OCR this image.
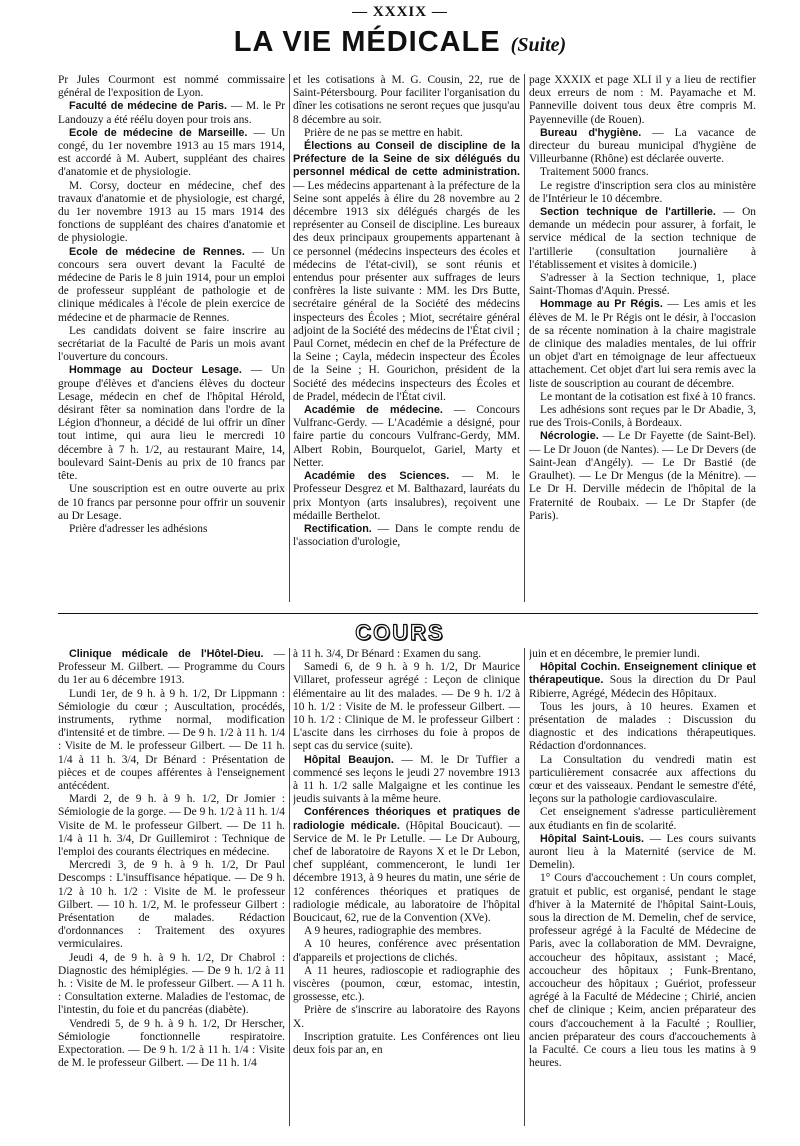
— XXXIX —
LA VIE MÉDICALE (Suite)

Pr Jules Courmont est nommé commissaire général de l'exposition de Lyon.

Faculté de médecine de Paris. — M. le Pr Landouzy a été réélu doyen pour trois ans.

Ecole de médecine de Marseille. — Un congé, du 1er novembre 1913 au 15 mars 1914, est accordé à M. Aubert, suppléant des chaires d'anatomie et de physiologie.

M. Corsy, docteur en médecine, chef des travaux d'anatomie et de physiologie, est chargé, du 1er novembre 1913 au 15 mars 1914 des fonctions de suppléant des chaires d'anatomie et de physiologie.

Ecole de médecine de Rennes. — Un concours sera ouvert devant la Faculté de médecine de Paris le 8 juin 1914, pour un emploi de professeur suppléant de pathologie et de clinique médicales à l'école de plein exercice de médecine et de pharmacie de Rennes.

Les candidats doivent se faire inscrire au secrétariat de la Faculté de Paris un mois avant l'ouverture du concours.

Hommage au Docteur Lesage. — Un groupe d'élèves et d'anciens élèves du docteur Lesage, médecin en chef de l'hôpital Hérold, désirant fêter sa nomination dans l'ordre de la Légion d'honneur, a décidé de lui offrir un dîner tout intime, qui aura lieu le mercredi 10 décembre à 7 h. 1/2, au restaurant Maire, 14, boulevard Saint-Denis au prix de 10 francs par tête.

Une souscription est en outre ouverte au prix de 10 francs par personne pour offrir un souvenir au Dr Lesage.

Prière d'adresser les adhésions

et les cotisations à M. G. Cousin, 22, rue de Saint-Pétersbourg. Pour faciliter l'organisation du dîner les cotisations ne seront reçues que jusqu'au 8 décembre au soir.

Prière de ne pas se mettre en habit.

Élections au Conseil de discipline de la Préfecture de la Seine de six délégués du personnel médical de cette administration. — Les médecins appartenant à la préfecture de la Seine sont appelés à élire du 28 novembre au 2 décembre 1913 six délégués chargés de les représenter au Conseil de discipline. Les bureaux des deux principaux groupements appartenant à ce personnel (médecins inspecteurs des écoles et médecins de l'état-civil), se sont réunis et entendus pour présenter aux suffrages de leurs confrères la liste suivante : MM. les Drs Butte, secrétaire général de la Société des médecins inspecteurs des Écoles ; Miot, secrétaire général adjoint de la Société des médecins de l'État civil ; Paul Cornet, médecin en chef de la Préfecture de la Seine ; Cayla, médecin inspecteur des Écoles de la Seine ; H. Gourichon, président de la Société des médecins inspecteurs des Écoles et de Pradel, médecin de l'État civil.

Académie de médecine. — Concours Vulfranc-Gerdy. — L'Académie a désigné, pour faire partie du concours Vulfranc-Gerdy, MM. Albert Robin, Bourquelot, Gariel, Marty et Netter.

Académie des Sciences. — M. le Professeur Desgrez et M. Balthazard, lauréats du prix Montyon (arts insalubres), reçoivent une médaille Berthelot.

Rectification. — Dans le compte rendu de l'association d'urologie,

page XXXIX et page XLI il y a lieu de rectifier deux erreurs de nom : M. Payamache et M. Panneville doivent tous deux être compris M. Payenneville (de Rouen).

Bureau d'hygiène. — La vacance de directeur du bureau municipal d'hygiène de Villeurbanne (Rhône) est déclarée ouverte.

Traitement 5000 francs.

Le registre d'inscription sera clos au ministère de l'Intérieur le 10 décembre.

Section technique de l'artillerie. — On demande un médecin pour assurer, à forfait, le service médical de la section technique de l'artillerie (consultation journalière à l'établissement et visites à domicile.)

S'adresser à la Section technique, 1, place Saint-Thomas d'Aquin. Pressé.

Hommage au Pr Régis. — Les amis et les élèves de M. le Pr Régis ont le désir, à l'occasion de sa récente nomination à la chaire magistrale de clinique des maladies mentales, de lui offrir un objet d'art en témoignage de leur affectueux attachement. Cet objet d'art lui sera remis avec la liste de souscription au courant de décembre.

Le montant de la cotisation est fixé à 10 francs.

Les adhésions sont reçues par le Dr Abadie, 3, rue des Trois-Conils, à Bordeaux.

Nécrologie. — Le Dr Fayette (de Saint-Bel). — Le Dr Jouon (de Nantes). — Le Dr Devers (de Saint-Jean d'Angély). — Le Dr Bastié (de Graulhet). — Le Dr Mengus (de la Ménitre). — Le Dr H. Derville médecin de l'hôpital de la Fraternité de Roubaix. — Le Dr Stapfer (de Paris).

COURS

Clinique médicale de l'Hôtel-Dieu. — Professeur M. Gilbert. — Programme du Cours du 1er au 6 décembre 1913.

Lundi 1er, de 9 h. à 9 h. 1/2, Dr Lippmann : Sémiologie du cœur ; Auscultation, procédés, instruments, rythme normal, modification d'intensité et de timbre. — De 9 h. 1/2 à 11 h. 1/4 : Visite de M. le professeur Gilbert. — De 11 h. 1/4 à 11 h. 3/4, Dr Bénard : Présentation de pièces et de coupes afférentes à l'enseignement antécédent.

Mardi 2, de 9 h. à 9 h. 1/2, Dr Jomier : Sémiologie de la gorge. — De 9 h. 1/2 à 11 h. 1/4 Visite de M. le professeur Gilbert. — De 11 h. 1/4 à 11 h. 3/4, Dr Guillemirot : Technique de l'emploi des courants électriques en médecine.

Mercredi 3, de 9 h. à 9 h. 1/2, Dr Paul Descomps : L'insuffisance hépatique. — De 9 h. 1/2 à 10 h. 1/2 : Visite de M. le professeur Gilbert. — 10 h. 1/2, M. le professeur Gilbert : Présentation de malades. Rédaction d'ordonnances : Traitement des oxyures vermiculaires.

Jeudi 4, de 9 h. à 9 h. 1/2, Dr Chabrol : Diagnostic des hémiplégies. — De 9 h. 1/2 à 11 h. : Visite de M. le professeur Gilbert. — A 11 h. : Consultation externe. Maladies de l'estomac, de l'intestin, du foie et du pancréas (diabète).

Vendredi 5, de 9 h. à 9 h. 1/2, Dr Herscher, Sémiologie fonctionnelle respiratoire. Expectoration. — De 9 h. 1/2 à 11 h. 1/4 : Visite de M. le professeur Gilbert. — De 11 h. 1/4

à 11 h. 3/4, Dr Bénard : Examen du sang.

Samedi 6, de 9 h. à 9 h. 1/2, Dr Maurice Villaret, professeur agrégé : Leçon de clinique élémentaire au lit des malades. — De 9 h. 1/2 à 10 h. 1/2 : Visite de M. le professeur Gilbert. — 10 h. 1/2 : Clinique de M. le professeur Gilbert : L'ascite dans les cirrhoses du foie à propos de sept cas du service (suite).

Hôpital Beaujon. — M. le Dr Tuffier a commencé ses leçons le jeudi 27 novembre 1913 à 11 h. 1/2 salle Malgaigne et les continue les jeudis suivants à la même heure.

Conférences théoriques et pratiques de radiologie médicale. (Hôpital Boucicaut). — Service de M. le Pr Letulle. — Le Dr Aubourg, chef de laboratoire de Rayons X et le Dr Lebon, chef suppléant, commenceront, le lundi 1er décembre 1913, à 9 heures du matin, une série de 12 conférences théoriques et pratiques de radiologie médicale, au laboratoire de l'hôpital Boucicaut, 62, rue de la Convention (XVe).

A 9 heures, radiographie des membres.

A 10 heures, conférence avec présentation d'appareils et projections de clichés.

A 11 heures, radioscopie et radiographie des viscères (poumon, cœur, estomac, intestin, grossesse, etc.).

Prière de s'inscrire au laboratoire des Rayons X.

Inscription gratuite. Les Conférences ont lieu deux fois par an, en

juin et en décembre, le premier lundi.

Hôpital Cochin. Enseignement clinique et thérapeutique. Sous la direction du Dr Paul Ribierre, Agrégé, Médecin des Hôpitaux.

Tous les jours, à 10 heures. Examen et présentation de malades : Discussion du diagnostic et des indications thérapeutiques. Rédaction d'ordonnances.

La Consultation du vendredi matin est particulièrement consacrée aux affections du cœur et des vaisseaux. Pendant le semestre d'été, leçons sur la pathologie cardiovasculaire.

Cet enseignement s'adresse particulièrement aux étudiants en fin de scolarité.

Hôpital Saint-Louis. — Les cours suivants auront lieu à la Maternité (service de M. Demelin).

1° Cours d'accouchement : Un cours complet, gratuit et public, est organisé, pendant le stage d'hiver à la Maternité de l'hôpital Saint-Louis, sous la direction de M. Demelin, chef de service, professeur agrégé à la Faculté de Médecine de Paris, avec la collaboration de MM. Devraigne, accoucheur des hôpitaux, assistant ; Macé, accoucheur des hôpitaux ; Funk-Brentano, accoucheur des hôpitaux ; Guériot, professeur agrégé à la Faculté de Médecine ; Chirié, ancien chef de clinique ; Keim, ancien préparateur des cours d'accouchement à la Faculté ; Roullier, ancien préparateur des cours d'accouchements à la Faculté. Ce cours a lieu tous les matins à 9 heures.
